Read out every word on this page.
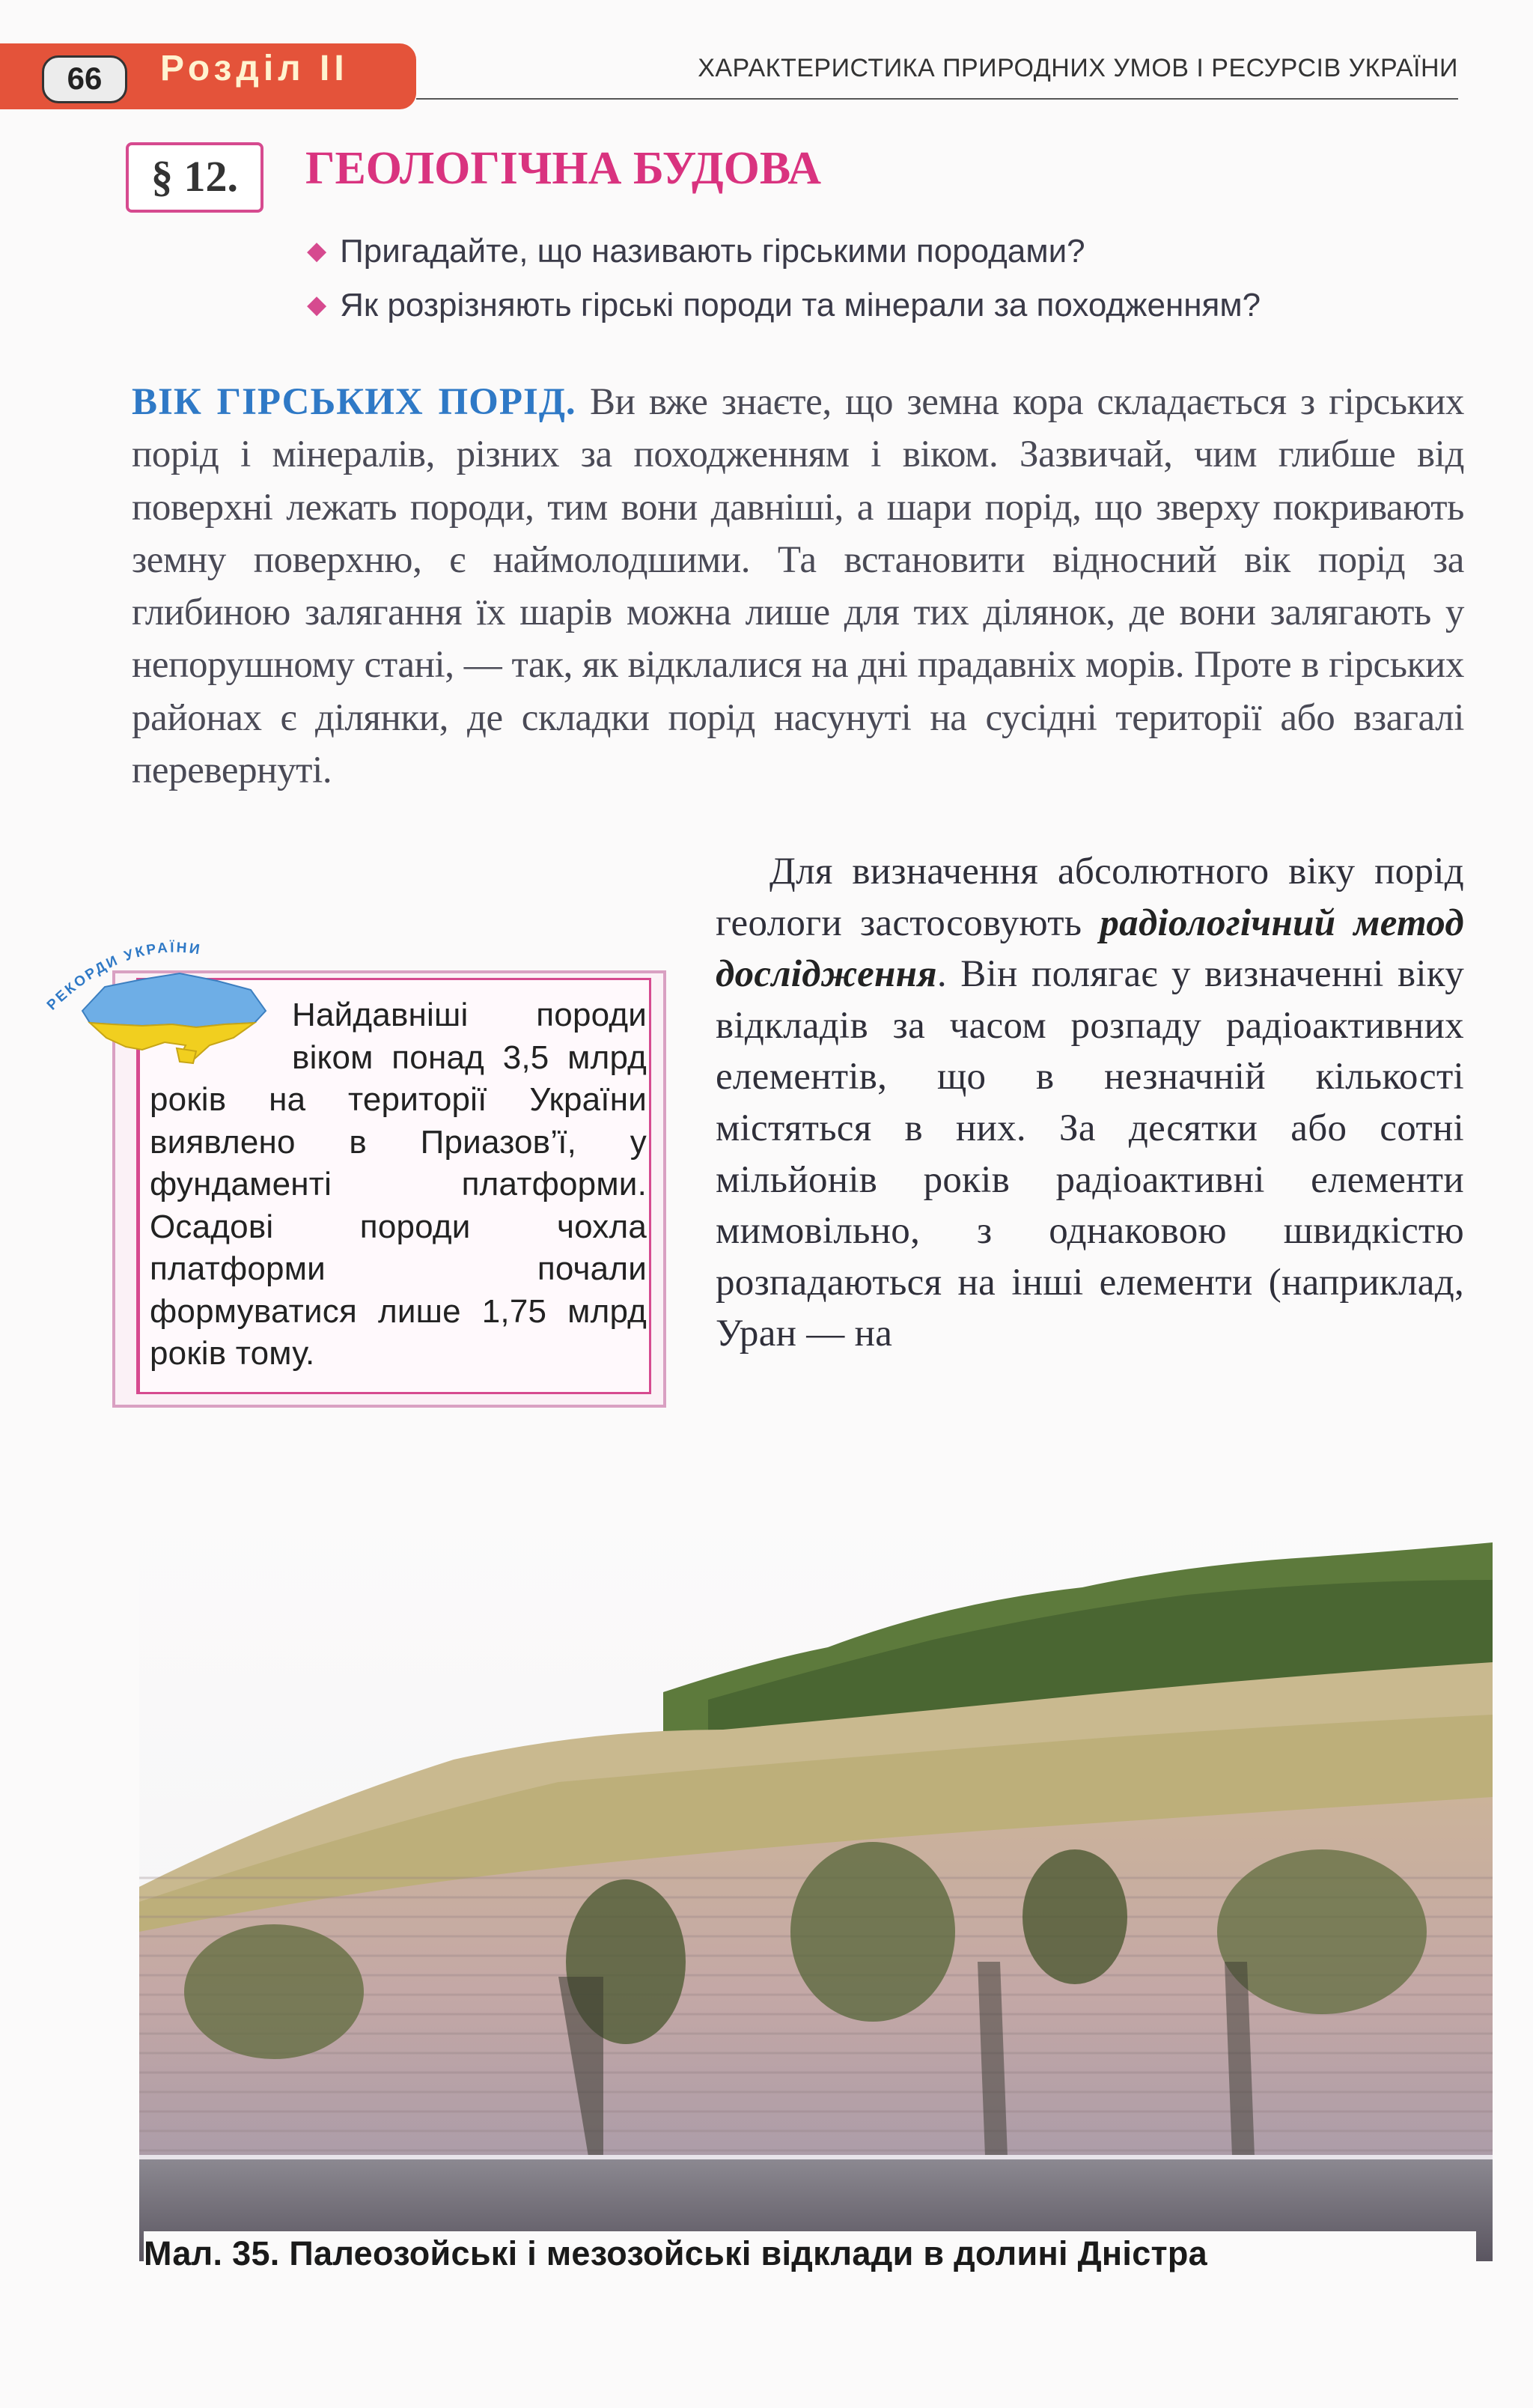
66	Розділ ІІ	ХАРАКТЕРИСТИКА ПРИРОДНИХ УМОВ І РЕСУРСІВ УКРАЇНИ
§ 12.	ГЕОЛОГІЧНА БУДОВА
◆ Пригадайте, що називають гірськими породами?
◆ Як розрізняють гірські породи та мінерали за походженням?

ВІК ГІРСЬКИХ ПОРІД. Ви вже знаєте, що земна кора складається з гірських порід і мінералів, різних за походженням і віком. Зазвичай, чим глибше від поверхні лежать породи, тим вони давніші, а шари порід, що зверху покривають земну поверхню, є наймолодшими. Та встановити відносний вік порід за глибиною залягання їх шарів можна лише для тих ділянок, де вони залягають у непорушному стані, — так, як відклалися на дні прадавніх морів. Проте в гірських районах є ділянки, де складки порід насунуті на сусідні території або взагалі перевернуті.

Найдавніші породи віком понад 3,5 млрд років на території України виявлено в Приазов’ї, у фундаменті платформи. Осадові породи чохла платформи почали формуватися лише 1,75 млрд років тому.

РЕКОРДИ УКРАЇНИ

Для визначення абсолютного віку порід геологи застосовують радіологічний метод дослідження. Він полягає у визначенні віку відкладів за часом розпаду радіоактивних елементів, що в незначній кількості містяться в них. За десятки або сотні мільйонів років радіоактивні елементи мимовільно, з однаковою швидкістю розпадаються на інші елементи (наприклад, Уран — на

Мал. 35. Палеозойські і мезозойські відклади в долині Дністра
